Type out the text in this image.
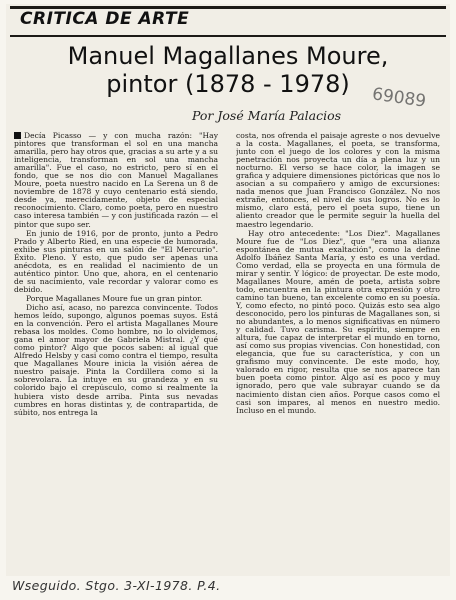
CRITICA DE ARTE
69089
Manuel Magallanes Moure,
pintor (1878 - 1978)
Por José María Palacios

Decía Picasso — y con mucha razón: "Hay pintores que transforman el sol en una mancha amarilla, pero hay otros que, gracias a su arte y a su inteligencia, transforman en sol una mancha amarilla". Fue el caso, no estricto, pero sí en el fondo, que se nos dio con Manuel Magallanes Moure, poeta nuestro nacido en La Serena un 8 de noviembre de 1878 y cuyo centenario está siendo, desde ya, merecidamente, objeto de especial reconocimiento. Claro, como poeta, pero en nuestro caso interesa también — y con justificada razón — el pintor que supo ser.

En junio de 1916, por de pronto, junto a Pedro Prado y Alberto Ried, en una especie de humorada, exhibe sus pinturas en un salón de "El Mercurio". Éxito. Pleno. Y esto, que pudo ser apenas una anécdota, es en realidad el nacimiento de un auténtico pintor. Uno que, ahora, en el centenario de su nacimiento, vale recordar y valorar como es debido.

Porque Magallanes Moure fue un gran pintor.

Dicho así, acaso, no parezca convincente. Todos hemos leído, supongo, algunos poemas suyos. Está en la convención. Pero el artista Magallanes Moure rebasa los moldes. Como hombre, no lo olvidemos, gana el amor mayor de Gabriela Mistral. ¿Y qué como pintor? Algo que pocos saben: al igual que Alfredo Helsby y casi como contra el tiempo, resulta que Magallanes Moure inicia la visión aérea de nuestro paisaje. Pinta la Cordillera como si la sobrevolara. La intuye en su grandeza y en su colorido bajo el crepúsculo, como si realmente la hubiera visto desde arriba. Pinta sus nevadas cumbres en horas distintas y, de contrapartida, de súbito, nos entrega la

costa, nos ofrenda el paisaje agreste o nos devuelve a la costa. Magallanes, el poeta, se transforma, junto con el juego de los colores y con la misma penetración nos proyecta un día a plena luz y un nocturno. El verso se hace color, la imagen se grafica y adquiere dimensiones pictóricas que nos lo asocian a su compañero y amigo de excursiones: nada menos que Juan Francisco González. No nos extrañe, entonces, el nivel de sus logros. No es lo mismo, claro está, pero el poeta supo, tiene un aliento creador que le permite seguir la huella del maestro legendario.

Hay otro antecedente: "Los Diez". Magallanes Moure fue de "Los Diez", que "era una alianza espontánea de mutua exaltación", como la define Adolfo Ibáñez Santa María, y esto es una verdad. Como verdad, ella se proyecta en una fórmula de mirar y sentir. Y lógico: de proyectar. De este modo, Magallanes Moure, amén de poeta, artista sobre todo, encuentra en la pintura otra expresión y otro camino tan bueno, tan excelente como en su poesía. Y, como efecto, no pintó poco. Quizás esto sea algo desconocido, pero los pinturas de Magallanes son, si no abundantes, a lo menos significativas en número y calidad. Tuvo carisma. Su espíritu, siempre en altura, fue capaz de interpretar el mundo en torno, así como sus propias vivencias. Con honestidad, con elegancia, que fue su característica, y con un grafismo muy convincente. De este modo, hoy, valorado en rigor, resulta que se nos aparece tan buen poeta como pintor. Algo así es poco y muy ignorado, pero que vale subrayar cuando se da nacimiento distan cien años. Porque casos como el casi son impares, al menos en nuestro medio. Incluso en el mundo.

Wseguido. Stgo. 3-XI-1978. P.4.
